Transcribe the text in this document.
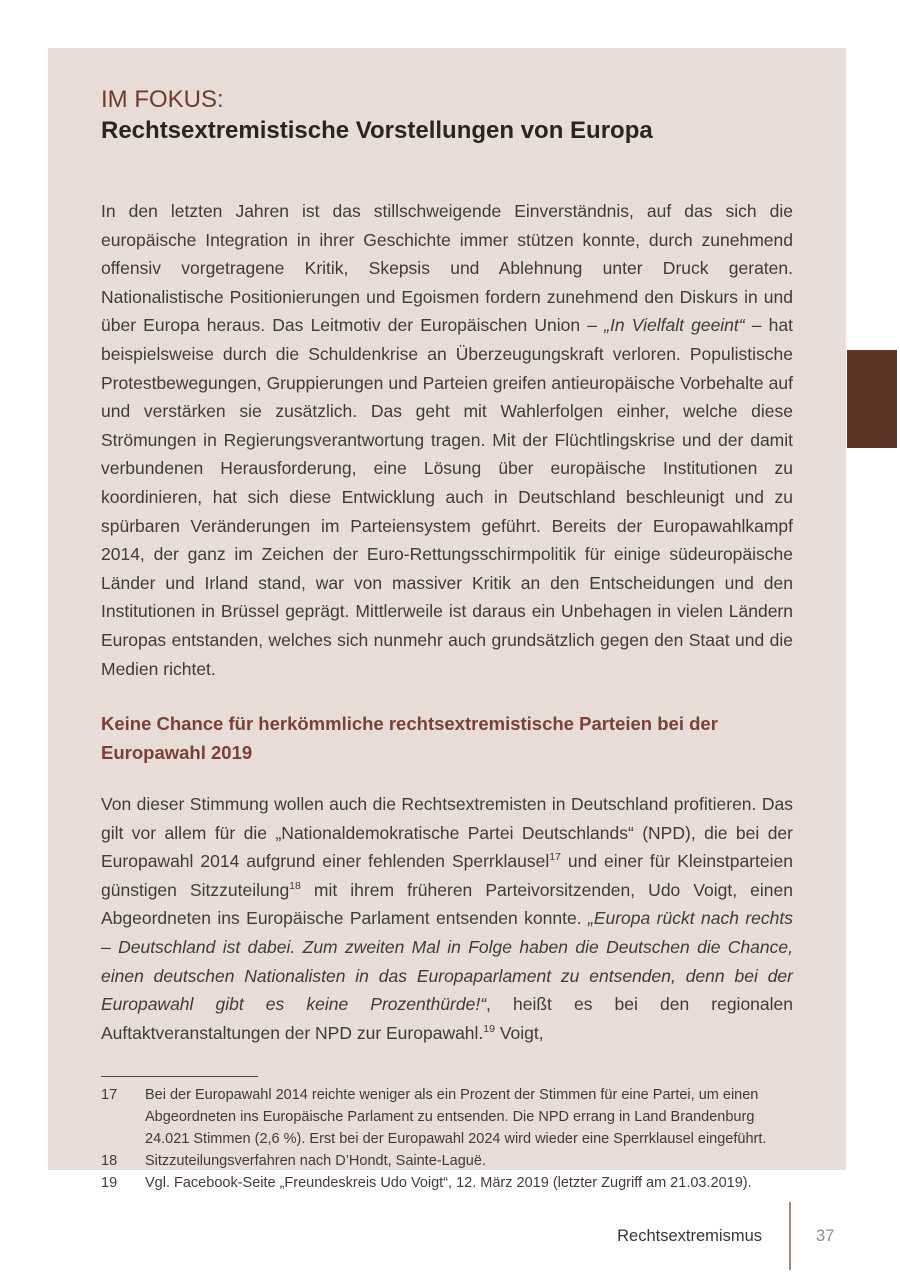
IM FOKUS:
Rechtsextremistische Vorstellungen von Europa

In den letzten Jahren ist das stillschweigende Einverständnis, auf das sich die europäische Integration in ihrer Geschichte immer stützen konnte, durch zunehmend offensiv vorgetragene Kritik, Skepsis und Ablehnung unter Druck geraten. Nationalistische Positionierungen und Egoismen fordern zunehmend den Diskurs in und über Europa heraus. Das Leitmotiv der Europäischen Union – „In Vielfalt geeint“ – hat beispielsweise durch die Schuldenkrise an Überzeugungskraft verloren. Populistische Protestbewegungen, Gruppierungen und Parteien greifen antieuropäische Vorbehalte auf und verstärken sie zusätzlich. Das geht mit Wahlerfolgen einher, welche diese Strömungen in Regierungsverantwortung tragen. Mit der Flüchtlingskrise und der damit verbundenen Herausforderung, eine Lösung über europäische Institutionen zu koordinieren, hat sich diese Entwicklung auch in Deutschland beschleunigt und zu spürbaren Veränderungen im Parteiensystem geführt. Bereits der Europawahlkampf 2014, der ganz im Zeichen der Euro-Rettungsschirmpolitik für einige südeuropäische Länder und Irland stand, war von massiver Kritik an den Entscheidungen und den Institutionen in Brüssel geprägt. Mittlerweile ist daraus ein Unbehagen in vielen Ländern Europas entstanden, welches sich nunmehr auch grundsätzlich gegen den Staat und die Medien richtet.

Keine Chance für herkömmliche rechtsextremistische Parteien bei der Europawahl 2019

Von dieser Stimmung wollen auch die Rechtsextremisten in Deutschland profitieren. Das gilt vor allem für die „Nationaldemokratische Partei Deutschlands“ (NPD), die bei der Europawahl 2014 aufgrund einer fehlenden Sperrklausel$^{17}$ und einer für Kleinstparteien günstigen Sitzzuteilung$^{18}$ mit ihrem früheren Parteivorsitzenden, Udo Voigt, einen Abgeordneten ins Europäische Parlament entsenden konnte. „Europa rückt nach rechts – Deutschland ist dabei. Zum zweiten Mal in Folge haben die Deutschen die Chance, einen deutschen Nationalisten in das Europaparlament zu entsenden, denn bei der Europawahl gibt es keine Prozenthürde!“, heißt es bei den regionalen Auftaktveranstaltungen der NPD zur Europawahl.$^{19}$ Voigt,

17	Bei der Europawahl 2014 reichte weniger als ein Prozent der Stimmen für eine Partei, um einen Abgeordneten ins Europäische Parlament zu entsenden. Die NPD errang in Land Brandenburg 24.021 Stimmen (2,6 %). Erst bei der Europawahl 2024 wird wieder eine Sperrklausel eingeführt.
18	Sitzzuteilungsverfahren nach D’Hondt, Sainte-Laguë.
19	Vgl. Facebook-Seite „Freundeskreis Udo Voigt“, 12. März 2019 (letzter Zugriff am 21.03.2019).
Rechtsextremismus	37
